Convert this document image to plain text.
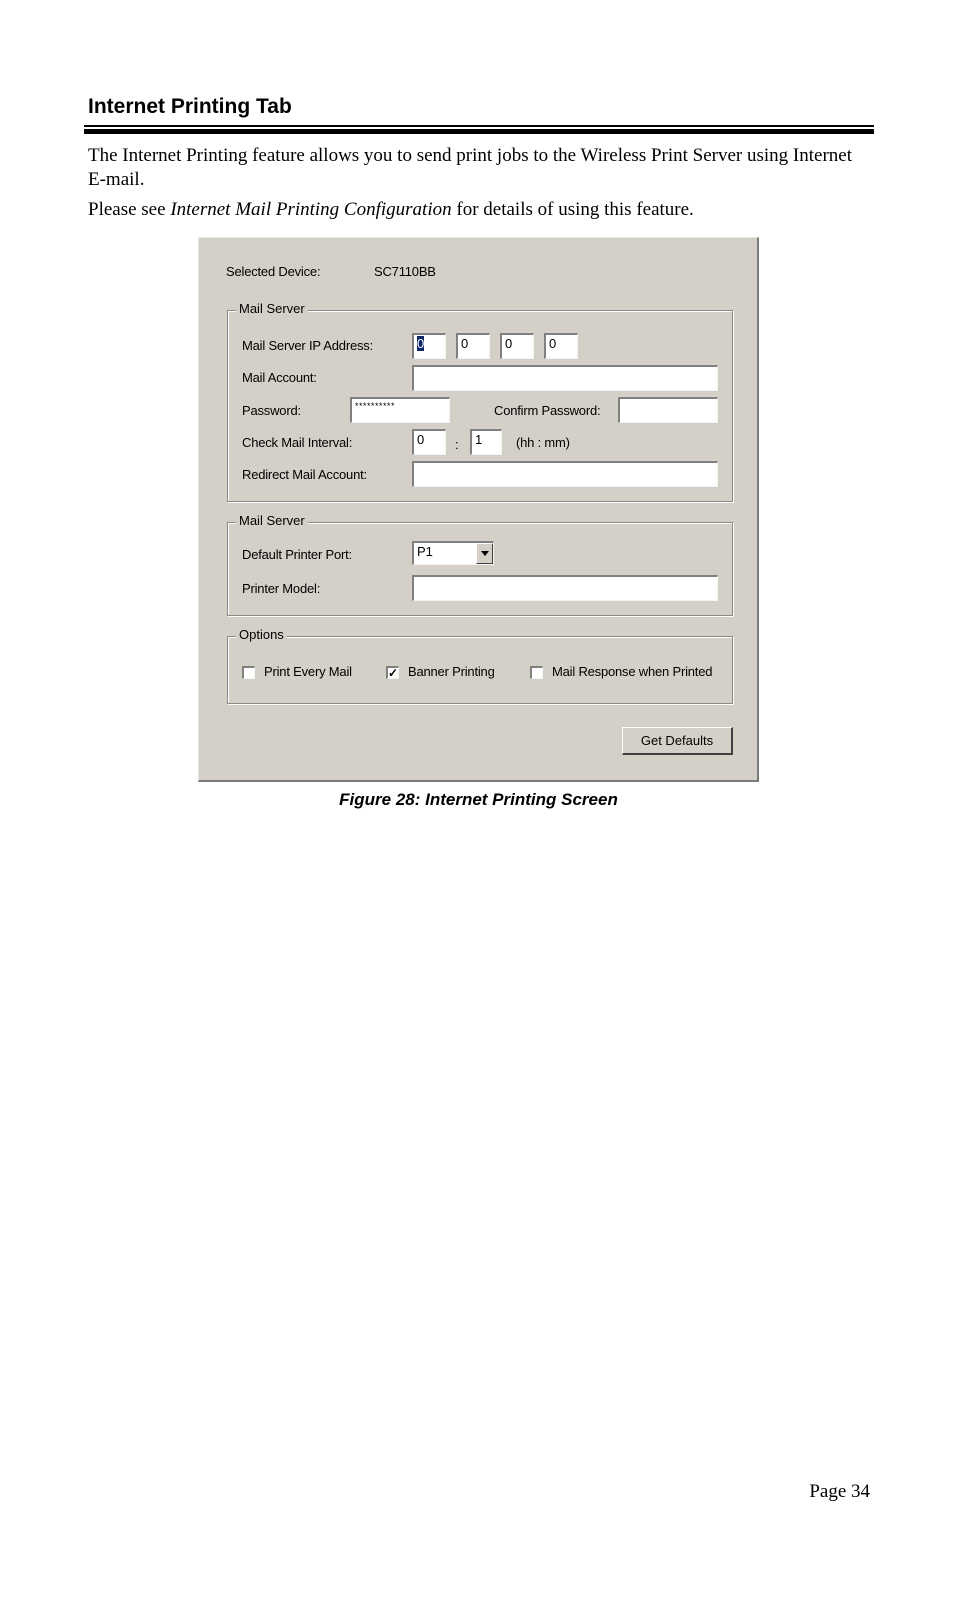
Internet Printing Tab

The Internet Printing feature allows you to send print jobs to the Wireless Print Server using Internet E-mail.

Please see Internet Mail Printing Configuration for details of using this feature.

Selected Device:	SC7110BB
Mail Server
Mail Server IP Address:	0	0	0	0
Mail Account:
Password:	**********	Confirm Password:
Check Mail Interval:	0	:	1	(hh : mm)
Redirect Mail Account:
Mail Server
Default Printer Port:	P1
Printer Model:
Options
Print Every Mail	✓ Banner Printing	Mail Response when Printed
Get Defaults

Figure 28: Internet Printing Screen

Page 34
